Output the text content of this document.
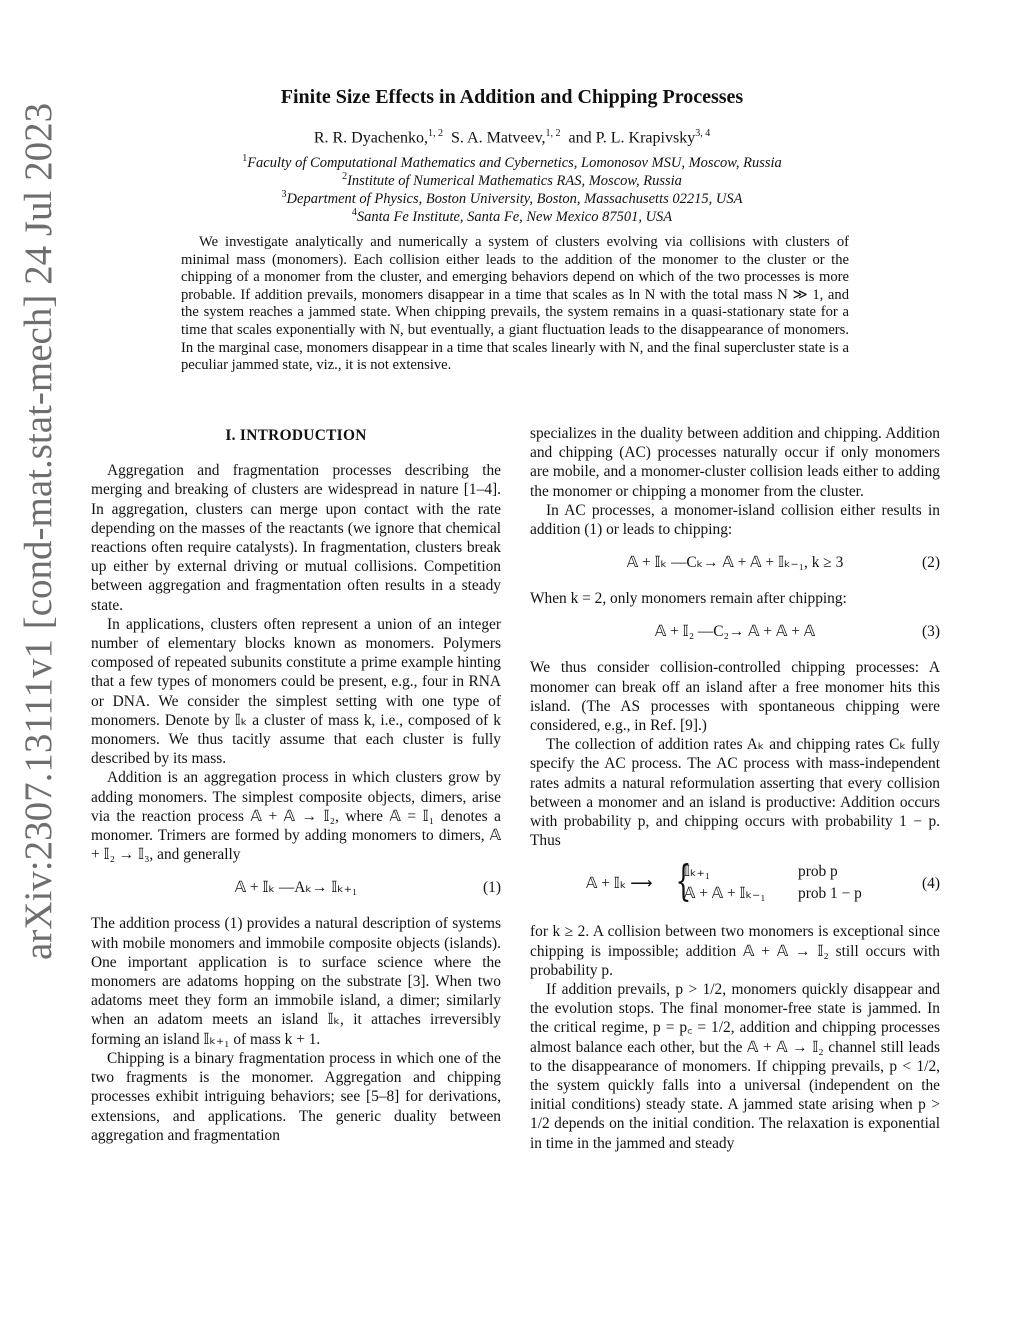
arXiv:2307.13111v1 [cond-mat.stat-mech] 24 Jul 2023
Finite Size Effects in Addition and Chipping Processes
R. R. Dyachenko,$^{1, 2}$ S. A. Matveev,$^{1, 2}$ and P. L. Krapivsky$^{3, 4}$
$^1$Faculty of Computational Mathematics and Cybernetics, Lomonosov MSU, Moscow, Russia
$^2$Institute of Numerical Mathematics RAS, Moscow, Russia
$^3$Department of Physics, Boston University, Boston, Massachusetts 02215, USA
$^4$Santa Fe Institute, Santa Fe, New Mexico 87501, USA
We investigate analytically and numerically a system of clusters evolving via collisions with clusters of minimal mass (monomers). Each collision either leads to the addition of the monomer to the cluster or the chipping of a monomer from the cluster, and emerging behaviors depend on which of the two processes is more probable. If addition prevails, monomers disappear in a time that scales as ln N with the total mass N ≫ 1, and the system reaches a jammed state. When chipping prevails, the system remains in a quasi-stationary state for a time that scales exponentially with N, but eventually, a giant fluctuation leads to the disappearance of monomers. In the marginal case, monomers disappear in a time that scales linearly with N, and the final supercluster state is a peculiar jammed state, viz., it is not extensive.
I. INTRODUCTION

Aggregation and fragmentation processes describing the merging and breaking of clusters are widespread in nature [1–4]. In aggregation, clusters can merge upon contact with the rate depending on the masses of the reactants (we ignore that chemical reactions often require catalysts). In fragmentation, clusters break up either by external driving or mutual collisions. Competition between aggregation and fragmentation often results in a steady state.

In applications, clusters often represent a union of an integer number of elementary blocks known as monomers. Polymers composed of repeated subunits constitute a prime example hinting that a few types of monomers could be present, e.g., four in RNA or DNA. We consider the simplest setting with one type of monomers. Denote by 𝕀ₖ a cluster of mass k, i.e., composed of k monomers. We thus tacitly assume that each cluster is fully described by its mass.

Addition is an aggregation process in which clusters grow by adding monomers. The simplest composite objects, dimers, arise via the reaction process 𝔸 + 𝔸 → 𝕀₂, where 𝔸 = 𝕀₁ denotes a monomer. Trimers are formed by adding monomers to dimers, 𝔸 + 𝕀₂ → 𝕀₃, and generally

𝔸 + 𝕀ₖ —Aₖ→ 𝕀ₖ₊₁	(1)

The addition process (1) provides a natural description of systems with mobile monomers and immobile composite objects (islands). One important application is to surface science where the monomers are adatoms hopping on the substrate [3]. When two adatoms meet they form an immobile island, a dimer; similarly when an adatom meets an island 𝕀ₖ, it attaches irreversibly forming an island 𝕀ₖ₊₁ of mass k + 1.

Chipping is a binary fragmentation process in which one of the two fragments is the monomer. Aggregation and chipping processes exhibit intriguing behaviors; see [5–8] for derivations, extensions, and applications. The generic duality between aggregation and fragmentation

specializes in the duality between addition and chipping. Addition and chipping (AC) processes naturally occur if only monomers are mobile, and a monomer-cluster collision leads either to adding the monomer or chipping a monomer from the cluster.

In AC processes, a monomer-island collision either results in addition (1) or leads to chipping:

𝔸 + 𝕀ₖ —Cₖ→ 𝔸 + 𝔸 + 𝕀ₖ₋₁, k ≥ 3	(2)

When k = 2, only monomers remain after chipping:

𝔸 + 𝕀₂ —C₂→ 𝔸 + 𝔸 + 𝔸	(3)

We thus consider collision-controlled chipping processes: A monomer can break off an island after a free monomer hits this island. (The AS processes with spontaneous chipping were considered, e.g., in Ref. [9].)

The collection of addition rates Aₖ and chipping rates Cₖ fully specify the AC process. The AC process with mass-independent rates admits a natural reformulation asserting that every collision between a monomer and an island is productive: Addition occurs with probability p, and chipping occurs with probability 1 − p. Thus

𝔸 + 𝕀ₖ ⟶ {
𝕀ₖ₊₁
𝔸 + 𝔸 + 𝕀ₖ₋₁
prob p
prob 1 − p
(4)

for k ≥ 2. A collision between two monomers is exceptional since chipping is impossible; addition 𝔸 + 𝔸 → 𝕀₂ still occurs with probability p.

If addition prevails, p > 1/2, monomers quickly disappear and the evolution stops. The final monomer-free state is jammed. In the critical regime, p = p꜀ = 1/2, addition and chipping processes almost balance each other, but the 𝔸 + 𝔸 → 𝕀₂ channel still leads to the disappearance of monomers. If chipping prevails, p < 1/2, the system quickly falls into a universal (independent on the initial conditions) steady state. A jammed state arising when p > 1/2 depends on the initial condition. The relaxation is exponential in time in the jammed and steady
